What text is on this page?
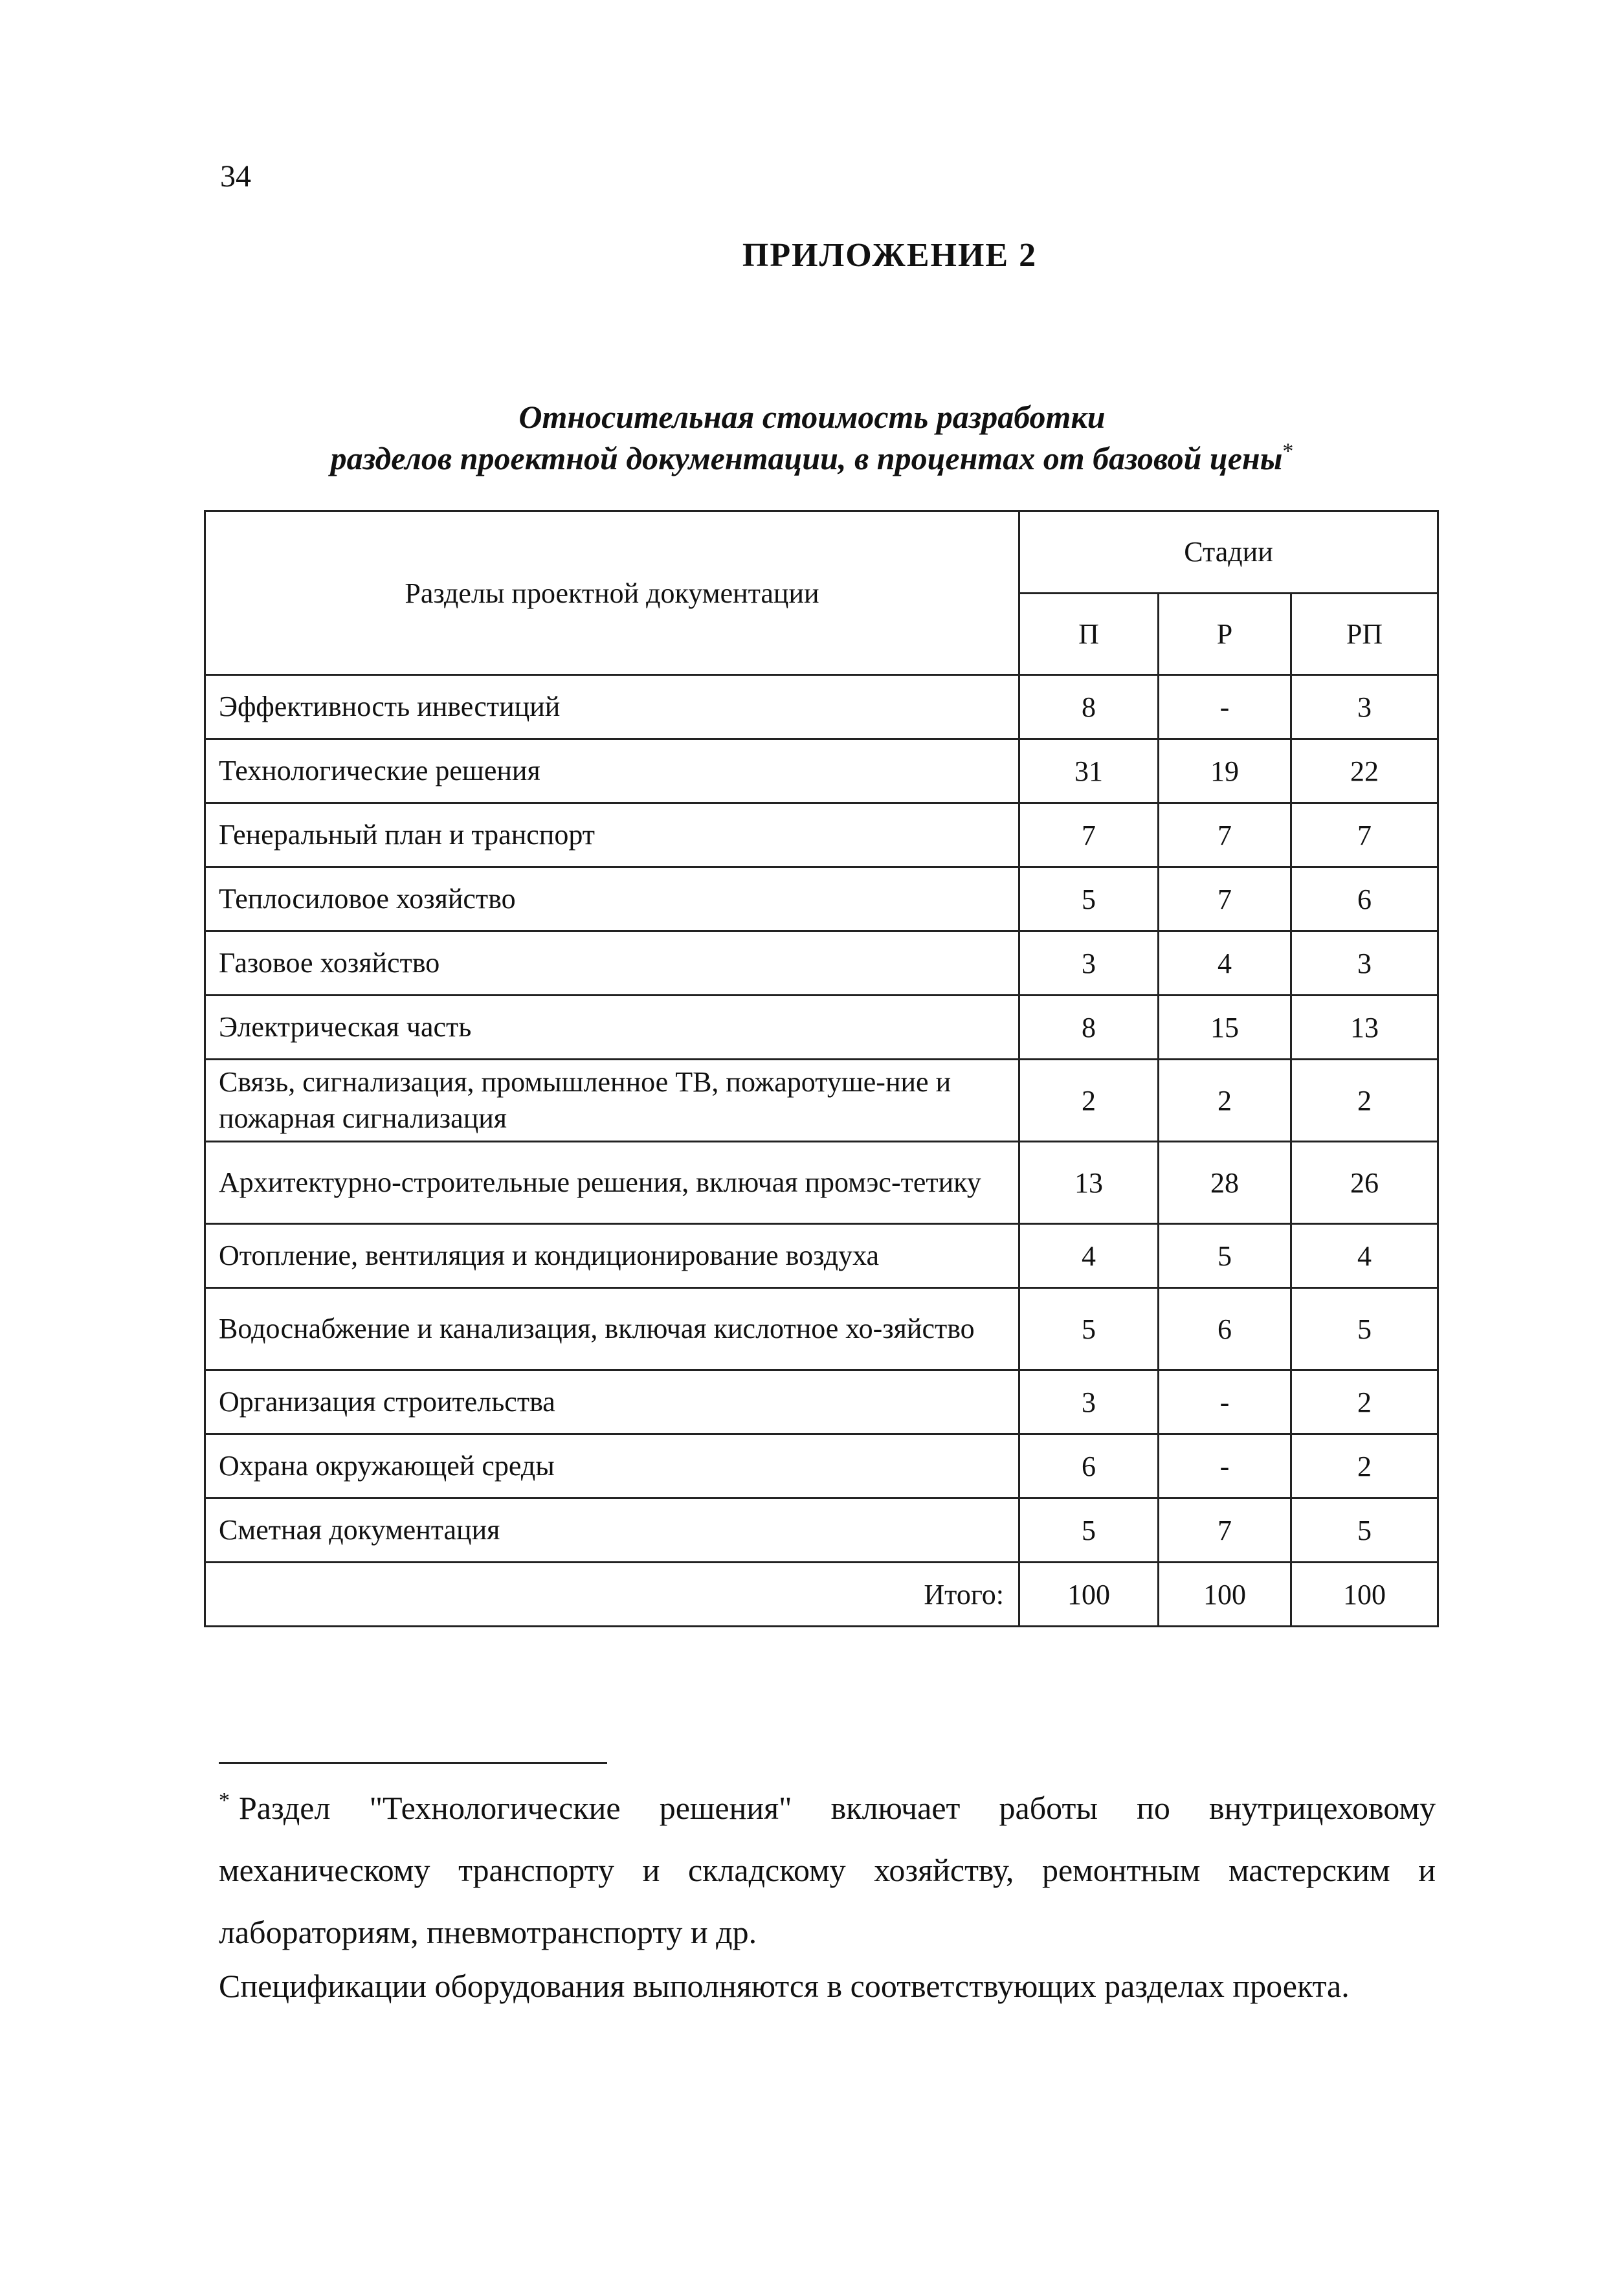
34
ПРИЛОЖЕНИЕ 2
Относительная стоимость разработки
разделов проектной документации, в процентах от базовой цены*
Разделы проектной документации	Стадии		
	П	Р	РП
Эффективность инвестиций	8	-	3
Технологические решения	31	19	22
Генеральный план и транспорт	7	7	7
Теплосиловое хозяйство	5	7	6
Газовое хозяйство	3	4	3
Электрическая часть	8	15	13
Связь, сигнализация, промышленное ТВ, пожаротуше-ние и пожарная сигнализация	2	2	2
Архитектурно-строительные решения, включая промэс-тетику	13	28	26
Отопление, вентиляция и кондиционирование воздуха	4	5	4
Водоснабжение и канализация, включая кислотное хо-зяйство	5	6	5
Организация строительства	3	-	2
Охрана окружающей среды	6	-	2
Сметная документация	5	7	5
Итого:	100	100	100
* Раздел "Технологические решения" включает работы по внутрицеховому механическому транспорту и складскому хозяйству, ремонтным мастерским и лабораториям, пневмотранспорту и др.
Спецификации оборудования выполняются в соответствующих разделах проекта.
